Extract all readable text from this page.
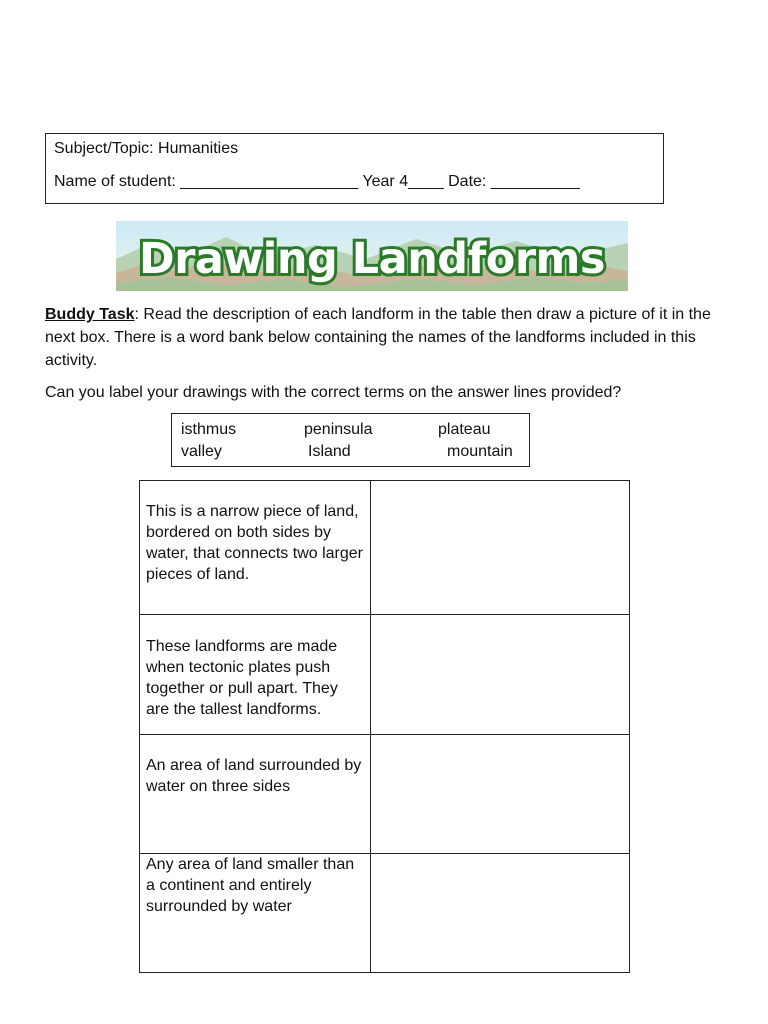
Subject/Topic: Humanities
Name of student: ____________________ Year 4____ Date: __________
Drawing Landforms
Buddy Task: Read the description of each landform in the table then draw a picture of it in the next box. There is a word bank below containing the names of the landforms included in this activity.
Can you label your drawings with the correct terms on the answer lines provided?
isthmus	peninsula	plateau
valley	Island	mountain
This is a narrow piece of land, bordered on both sides by water, that connects two larger pieces of land.	

These landforms are made when tectonic plates push together or pull apart. They are the tallest landforms.	

An area of land surrounded by water on three sides	

Any area of land smaller than a continent and entirely surrounded by water	
